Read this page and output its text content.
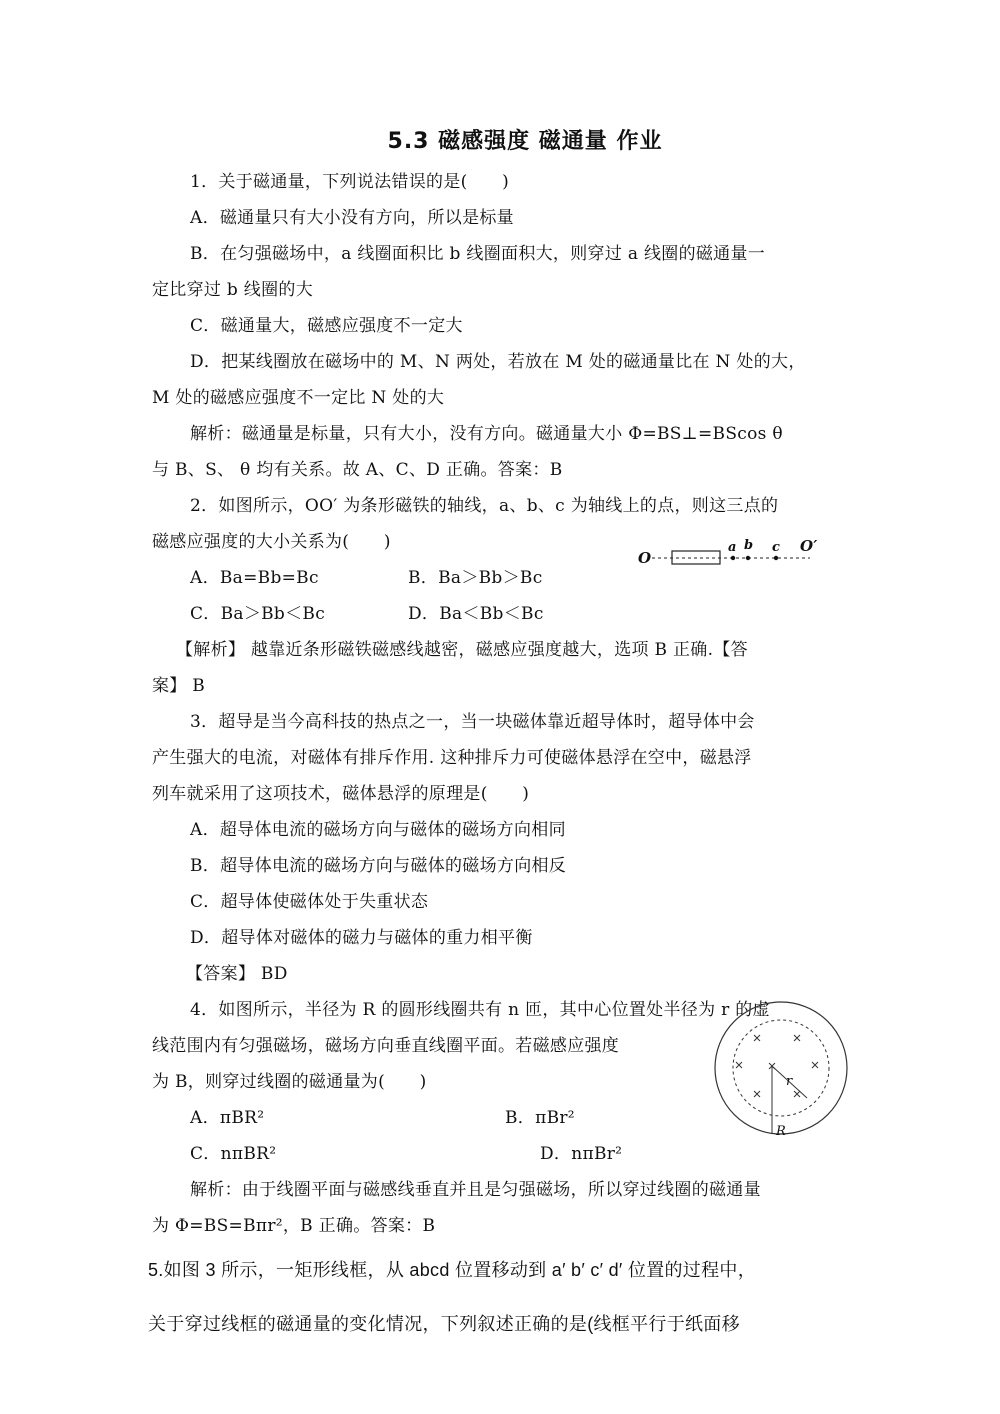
5.3 磁感强度 磁通量 作业
1．关于磁通量，下列说法错误的是(　　)
A．磁通量只有大小没有方向，所以是标量
B．在匀强磁场中，a 线圈面积比 b 线圈面积大，则穿过 a 线圈的磁通量一
定比穿过 b 线圈的大
C．磁通量大，磁感应强度不一定大
D．把某线圈放在磁场中的 M、N 两处，若放在 M 处的磁通量比在 N 处的大，
M 处的磁感应强度不一定比 N 处的大
解析：磁通量是标量，只有大小，没有方向。磁通量大小 Φ=BS⊥=BScos θ
与 B、S、 θ 均有关系。故 A、C、D 正确。答案：B
2．如图所示，OO′ 为条形磁铁的轴线，a、b、c 为轴线上的点，则这三点的
磁感应强度的大小关系为(　　)
A．Ba=Bb=Bc	B．Ba＞Bb＞Bc
C．Ba＞Bb＜Bc	D．Ba＜Bb＜Bc
O
a b c O′
【解析】 越靠近条形磁铁磁感线越密，磁感应强度越大，选项 B 正确.【答
案】 B
3．超导是当今高科技的热点之一，当一块磁体靠近超导体时，超导体中会
产生强大的电流，对磁体有排斥作用. 这种排斥力可使磁体悬浮在空中，磁悬浮
列车就采用了这项技术，磁体悬浮的原理是(　　)
A．超导体电流的磁场方向与磁体的磁场方向相同
B．超导体电流的磁场方向与磁体的磁场方向相反
C．超导体使磁体处于失重状态
D．超导体对磁体的磁力与磁体的重力相平衡
【答案】 BD
4．如图所示，半径为 R 的圆形线圈共有 n 匝，其中心位置处半径为 r 的虚
线范围内有匀强磁场，磁场方向垂直线圈平面。若磁感应强度
为 B，则穿过线圈的磁通量为(　　)
A．πBR²	B．πBr²
C．nπBR²	D．nπBr²
r
R
解析：由于线圈平面与磁感线垂直并且是匀强磁场，所以穿过线圈的磁通量
为 Φ=BS=Bπr²，B 正确。答案：B
5.如图 3 所示，一矩形线框，从 abcd 位置移动到 a′ b′ c′ d′ 位置的过程中，
关于穿过线框的磁通量的变化情况，下列叙述正确的是(线框平行于纸面移
